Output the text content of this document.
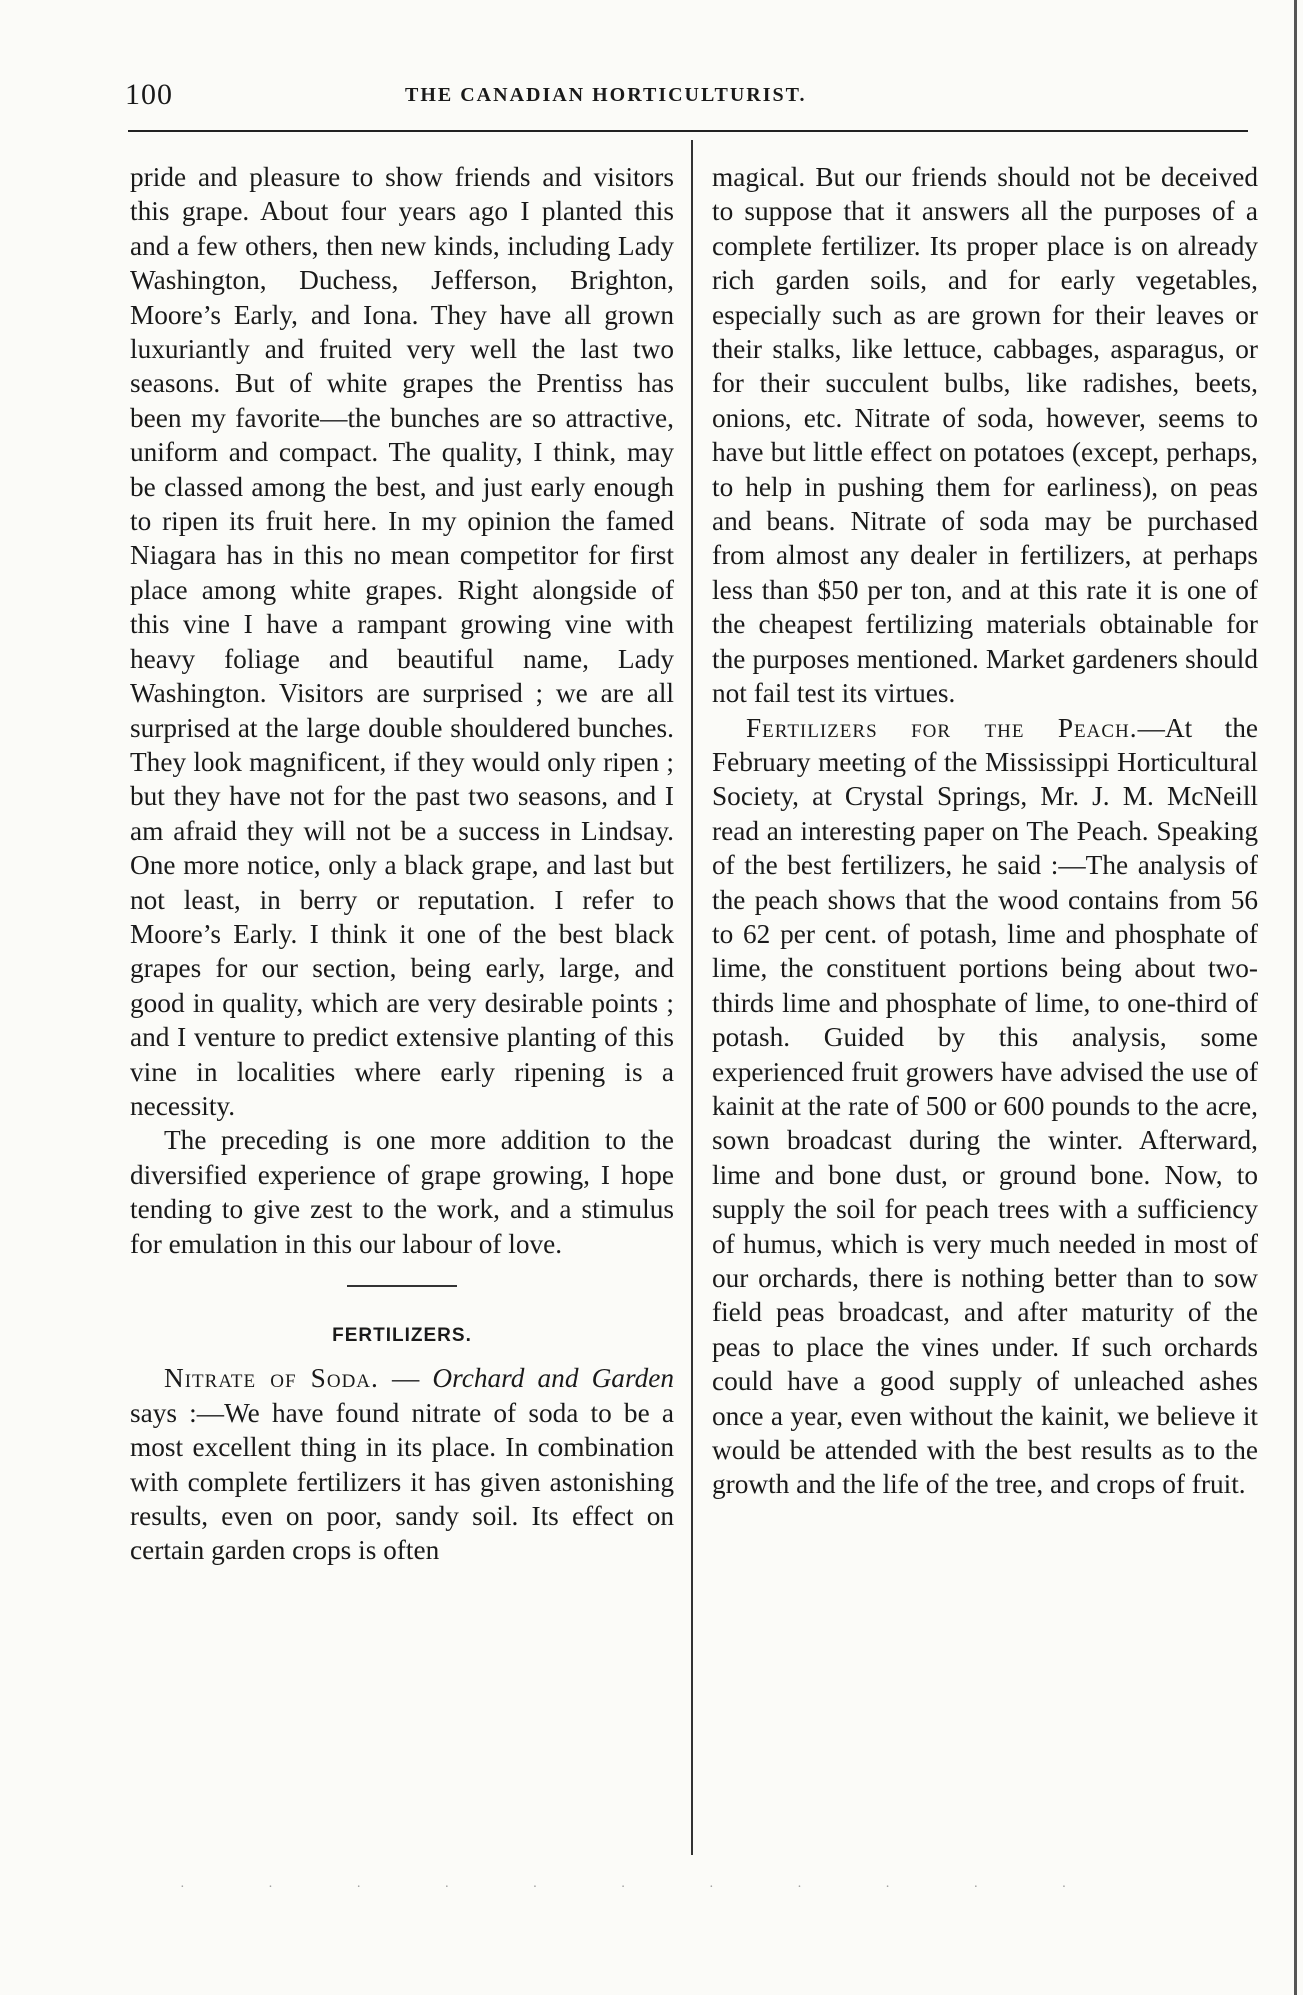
100	THE CANADIAN HORTICULTURIST.

pride and pleasure to show friends and visitors this grape. About four years ago I planted this and a few others, then new kinds, including Lady Washington, Duchess, Jefferson, Brighton, Moore’s Early, and Iona. They have all grown luxuriantly and fruited very well the last two seasons. But of white grapes the Prentiss has been my favorite—the bunches are so attractive, uniform and compact. The quality, I think, may be classed among the best, and just early enough to ripen its fruit here. In my opinion the famed Niagara has in this no mean competitor for first place among white grapes. Right alongside of this vine I have a rampant growing vine with heavy foliage and beautiful name, Lady Washington. Visitors are surprised ; we are all surprised at the large double shouldered bunches. They look magnificent, if they would only ripen ; but they have not for the past two seasons, and I am afraid they will not be a success in Lindsay. One more notice, only a black grape, and last but not least, in berry or reputation. I refer to Moore’s Early. I think it one of the best black grapes for our section, being early, large, and good in quality, which are very desirable points ; and I venture to predict extensive planting of this vine in localities where early ripening is a necessity.

The preceding is one more addition to the diversified experience of grape growing, I hope tending to give zest to the work, and a stimulus for emulation in this our labour of love.

FERTILIZERS.

Nitrate of Soda. — Orchard and Garden says :—We have found nitrate of soda to be a most excellent thing in its place. In combination with complete fertilizers it has given astonishing results, even on poor, sandy soil. Its effect on certain garden crops is often

magical. But our friends should not be deceived to suppose that it answers all the purposes of a complete fertilizer. Its proper place is on already rich garden soils, and for early vegetables, especially such as are grown for their leaves or their stalks, like lettuce, cabbages, asparagus, or for their succulent bulbs, like radishes, beets, onions, etc. Nitrate of soda, however, seems to have but little effect on potatoes (except, perhaps, to help in pushing them for earliness), on peas and beans. Nitrate of soda may be purchased from almost any dealer in fertilizers, at perhaps less than $50 per ton, and at this rate it is one of the cheapest fertilizing materials obtainable for the purposes mentioned. Market gardeners should not fail test its virtues.

Fertilizers for the Peach.—At the February meeting of the Mississippi Horticultural Society, at Crystal Springs, Mr. J. M. McNeill read an interesting paper on The Peach. Speaking of the best fertilizers, he said :—The analysis of the peach shows that the wood contains from 56 to 62 per cent. of potash, lime and phosphate of lime, the constituent portions being about two-thirds lime and phosphate of lime, to one-third of potash. Guided by this analysis, some experienced fruit growers have advised the use of kainit at the rate of 500 or 600 pounds to the acre, sown broadcast during the winter. Afterward, lime and bone dust, or ground bone. Now, to supply the soil for peach trees with a sufficiency of humus, which is very much needed in most of our orchards, there is nothing better than to sow field peas broadcast, and after maturity of the peas to place the vines under. If such orchards could have a good supply of unleached ashes once a year, even without the kainit, we believe it would be attended with the best results as to the growth and the life of the tree, and crops of fruit.

· · · · · · · · · · ·
